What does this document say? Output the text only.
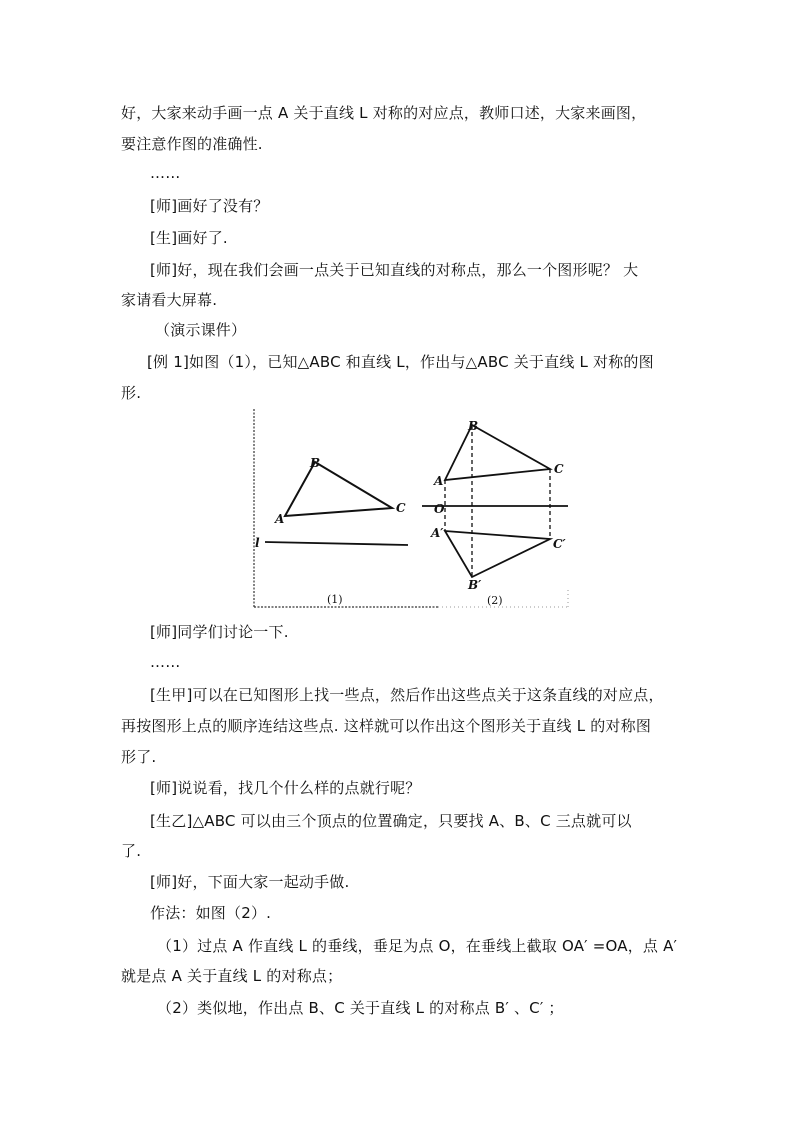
好，大家来动手画一点 A 关于直线 L 对称的对应点，教师口述，大家来画图，
要注意作图的准确性.
……
[师]画好了没有？
[生]画好了.
[师]好，现在我们会画一点关于已知直线的对称点，那么一个图形呢？ 大
家请看大屏幕.
（演示课件）
[例 1]如图（1），已知△ABC 和直线 L，作出与△ABC 关于直线 L 对称的图
形.
[师]同学们讨论一下.
……
[生甲]可以在已知图形上找一些点，然后作出这些点关于这条直线的对应点，
再按图形上点的顺序连结这些点. 这样就可以作出这个图形关于直线 L 的对称图
形了.
[师]说说看，找几个什么样的点就行呢？
[生乙]△ABC 可以由三个顶点的位置确定，只要找 A、B、C 三点就可以
了.
[师]好，下面大家一起动手做.
作法：如图（2）.
（1）过点 A 作直线 L 的垂线，垂足为点 O，在垂线上截取 OA′ =OA，点 A′
就是点 A 关于直线 L 的对称点；
（2）类似地，作出点 B、C 关于直线 L 的对称点 B′ 、C′ ；
A
B
C
l
(1)
B
A
C
O
A′
C′
B′
(2)
